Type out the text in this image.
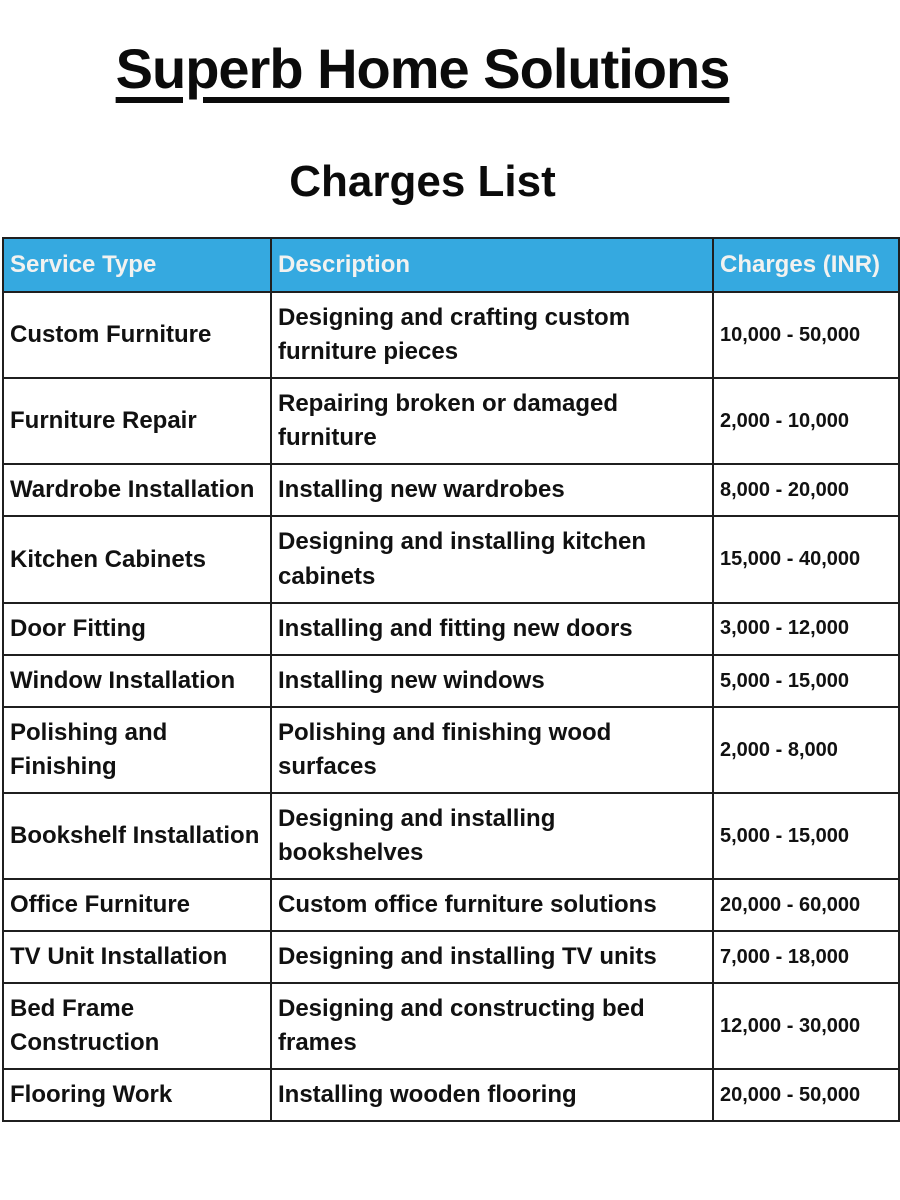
Superb Home Solutions
Charges List
Service Type	Description	Charges (INR)
Custom Furniture	Designing and crafting custom furniture pieces	10,000 - 50,000
Furniture Repair	Repairing broken or damaged furniture	2,000 - 10,000
Wardrobe Installation	Installing new wardrobes	8,000 - 20,000
Kitchen Cabinets	Designing and installing kitchen cabinets	15,000 - 40,000
Door Fitting	Installing and fitting new doors	3,000 - 12,000
Window Installation	Installing new windows	5,000 - 15,000
Polishing and Finishing	Polishing and finishing wood surfaces	2,000 - 8,000
Bookshelf Installation	Designing and installing bookshelves	5,000 - 15,000
Office Furniture	Custom office furniture solutions	20,000 - 60,000
TV Unit Installation	Designing and installing TV units	7,000 - 18,000
Bed Frame Construction	Designing and constructing bed frames	12,000 - 30,000
Flooring Work	Installing wooden flooring	20,000 - 50,000
